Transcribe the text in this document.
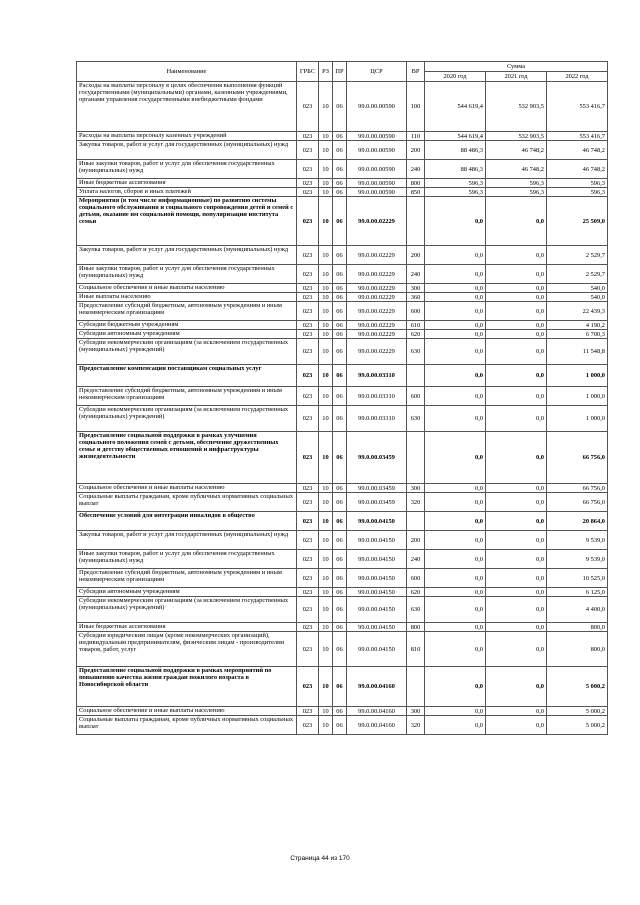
Наименование	ГРБС	РЗ	ПР	ЦСР	ВР	Сумма		
						2020 год	2021 год	2022 год
Расходы на выплаты персоналу в целях обеспечения выполнения функций государственными (муниципальными) органами, казенными учреждениями, органами управления государственными внебюджетными фондами	023	10	06	99.0.00.00590	100	544 619,4	532 903,5	553 416,7
Расходы на выплаты персоналу казенных учреждений	023	10	06	99.0.00.00590	110	544 619,4	532 903,5	553 416,7
Закупка товаров, работ и услуг для государственных (муниципальных) нужд	023	10	06	99.0.00.00590	200	88 486,3	46 748,2	46 748,2
Иные закупки товаров, работ и услуг для обеспечения государственных (муниципальных) нужд	023	10	06	99.0.00.00590	240	88 486,3	46 748,2	46 748,2
Иные бюджетные ассигнования	023	10	06	99.0.00.00590	800	596,3	596,3	596,3
Уплата налогов, сборов и иных платежей	023	10	06	99.0.00.00590	850	596,3	596,3	596,3
Мероприятия (в том числе информационные) по развитию системы социального обслуживания и социального сопровождения детей и семей с детьми, оказание им социальной помощи, популяризации института семьи	023	10	06	99.0.00.02229		0,0	0,0	25 509,0
Закупка товаров, работ и услуг для государственных (муниципальных) нужд	023	10	06	99.0.00.02229	200	0,0	0,0	2 529,7
Иные закупки товаров, работ и услуг для обеспечения государственных (муниципальных) нужд	023	10	06	99.0.00.02229	240	0,0	0,0	2 529,7
Социальное обеспечение и иные выплаты населению	023	10	06	99.0.00.02229	300	0,0	0,0	540,0
Иные выплаты населению	023	10	06	99.0.00.02229	360	0,0	0,0	540,0
Предоставление субсидий бюджетным, автономным учреждениям и иным некоммерческим организациям	023	10	06	99.0.00.02229	600	0,0	0,0	22 439,3
Субсидии бюджетным учреждениям	023	10	06	99.0.00.02229	610	0,0	0,0	4 190,2
Субсидии автономным учреждениям	023	10	06	99.0.00.02229	620	0,0	0,0	6 700,3
Субсидии некоммерческим организациям (за исключением государственных (муниципальных) учреждений)	023	10	06	99.0.00.02229	630	0,0	0,0	11 548,8
Предоставление компенсации поставщикам социальных услуг	023	10	06	99.0.00.03310		0,0	0,0	1 000,0
Предоставление субсидий бюджетным, автономным учреждениям и иным некоммерческим организациям	023	10	06	99.0.00.03310	600	0,0	0,0	1 000,0
Субсидии некоммерческим организациям (за исключением государственных (муниципальных) учреждений)	023	10	06	99.0.00.03310	630	0,0	0,0	1 000,0
Предоставление социальной поддержки в рамках улучшения социального положения семей с детьми, обеспечение дружественных семье и детству общественных отношений и инфраструктуры жизнедеятельности	023	10	06	99.0.00.03459		0,0	0,0	66 756,0
Социальное обеспечение и иные выплаты населению	023	10	06	99.0.00.03459	300	0,0	0,0	66 756,0
Социальные выплаты гражданам, кроме публичных нормативных социальных выплат	023	10	06	99.0.00.03459	320	0,0	0,0	66 756,0
Обеспечение условий для интеграции инвалидов в общество	023	10	06	99.0.00.04150		0,0	0,0	20 864,0
Закупка товаров, работ и услуг для государственных (муниципальных) нужд	023	10	06	99.0.00.04150	200	0,0	0,0	9 539,0
Иные закупки товаров, работ и услуг для обеспечения государственных (муниципальных) нужд	023	10	06	99.0.00.04150	240	0,0	0,0	9 539,0
Предоставление субсидий бюджетным, автономным учреждениям и иным некоммерческим организациям	023	10	06	99.0.00.04150	600	0,0	0,0	10 525,0
Субсидии автономным учреждениям	023	10	06	99.0.00.04150	620	0,0	0,0	6 125,0
Субсидии некоммерческим организациям (за исключением государственных (муниципальных) учреждений)	023	10	06	99.0.00.04150	630	0,0	0,0	4 400,0
Иные бюджетные ассигнования	023	10	06	99.0.00.04150	800	0,0	0,0	800,0
Субсидии юридическим лицам (кроме некоммерческих организаций), индивидуальным предпринимателям, физическим лицам - производителям товаров, работ, услуг	023	10	06	99.0.00.04150	810	0,0	0,0	800,0
Предоставление социальной поддержки в рамках мероприятий по повышению качества жизни граждан пожилого возраста в Новосибирской области	023	10	06	99.0.00.04160		0,0	0,0	5 000,2
Социальное обеспечение и иные выплаты населению	023	10	06	99.0.00.04160	300	0,0	0,0	5 000,2
Социальные выплаты гражданам, кроме публичных нормативных социальных выплат	023	10	06	99.0.00.04160	320	0,0	0,0	5 000,2
Страница 44 из 170
